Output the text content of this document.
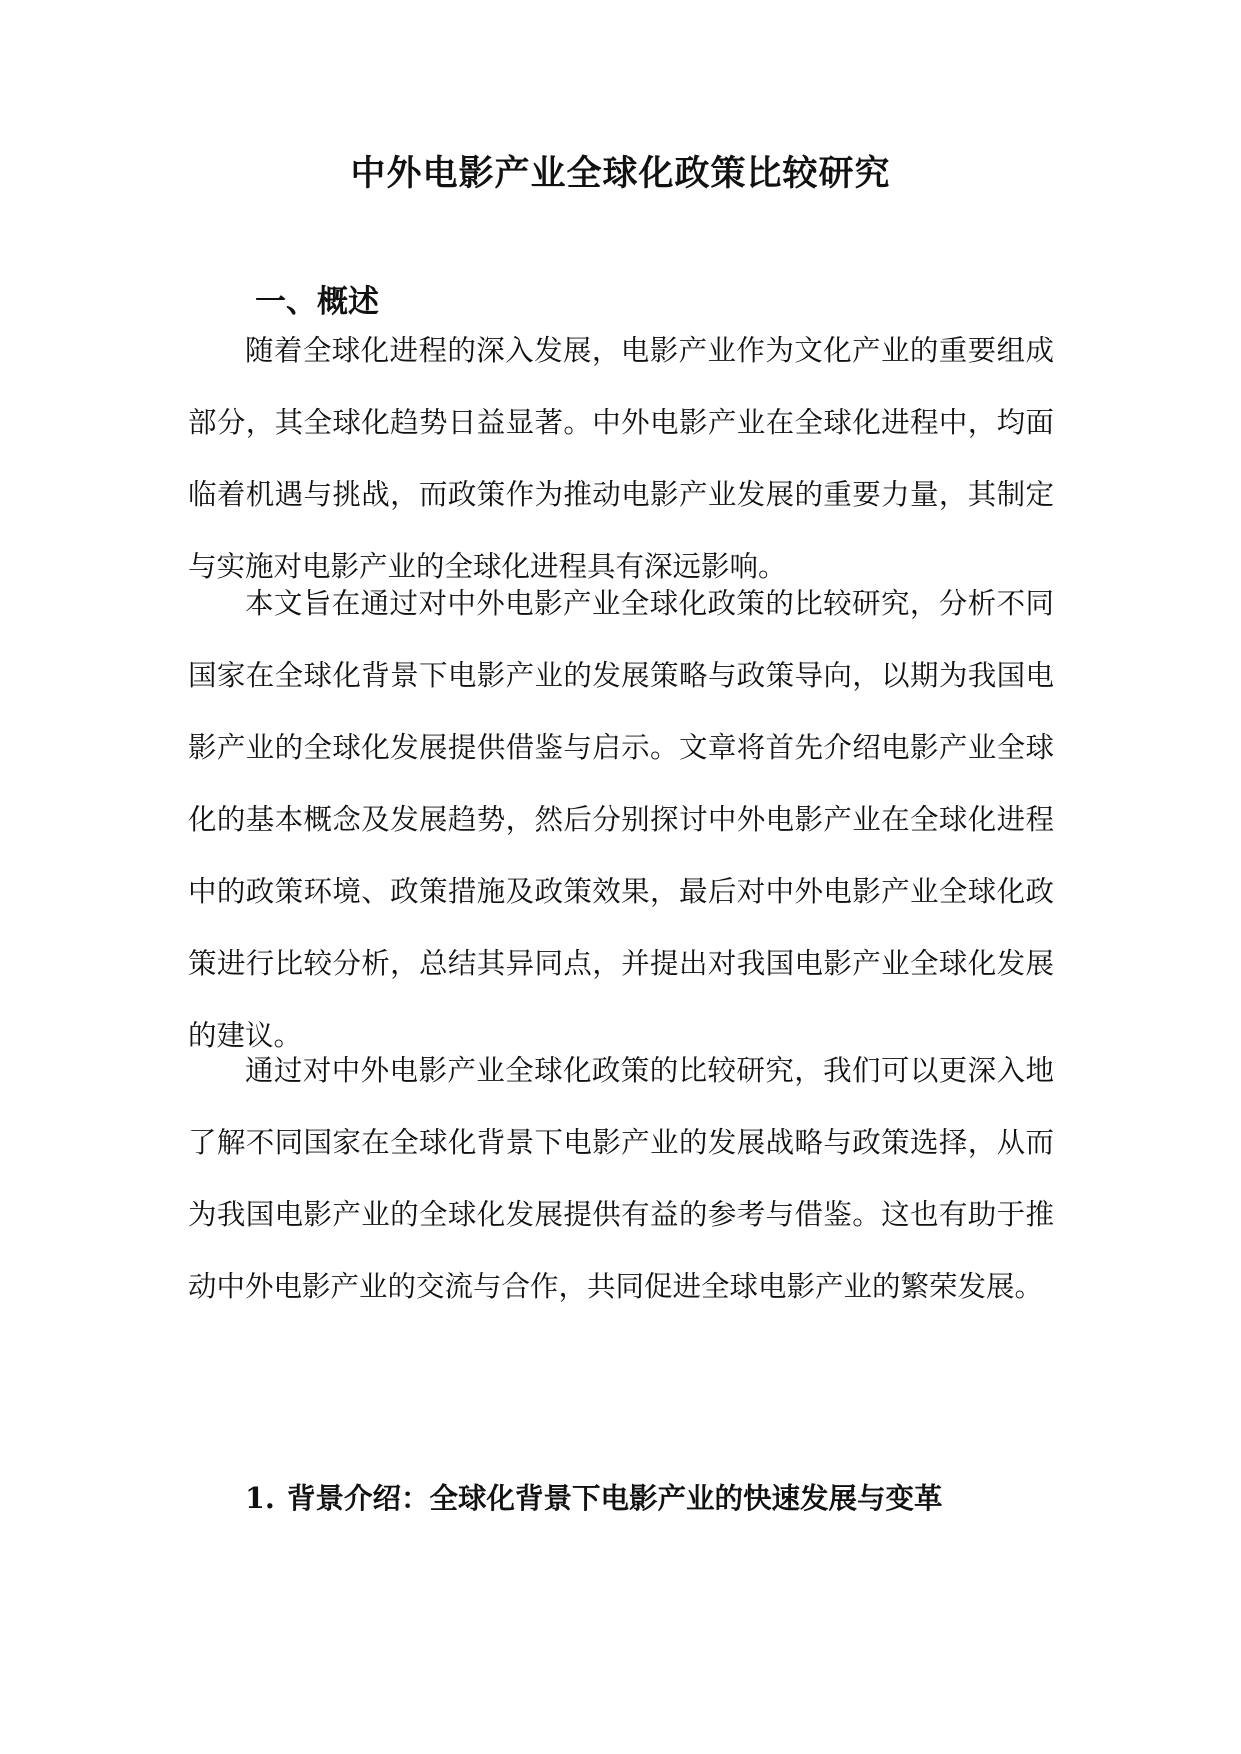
中外电影产业全球化政策比较研究
一、概述

随着全球化进程的深入发展，电影产业作为文化产业的重要组成部分，其全球化趋势日益显著。中外电影产业在全球化进程中，均面临着机遇与挑战，而政策作为推动电影产业发展的重要力量，其制定与实施对电影产业的全球化进程具有深远影响。

本文旨在通过对中外电影产业全球化政策的比较研究，分析不同国家在全球化背景下电影产业的发展策略与政策导向，以期为我国电影产业的全球化发展提供借鉴与启示。文章将首先介绍电影产业全球化的基本概念及发展趋势，然后分别探讨中外电影产业在全球化进程中的政策环境、政策措施及政策效果，最后对中外电影产业全球化政策进行比较分析，总结其异同点，并提出对我国电影产业全球化发展的建议。

通过对中外电影产业全球化政策的比较研究，我们可以更深入地了解不同国家在全球化背景下电影产业的发展战略与政策选择，从而为我国电影产业的全球化发展提供有益的参考与借鉴。这也有助于推动中外电影产业的交流与合作，共同促进全球电影产业的繁荣发展。

1. 背景介绍：全球化背景下电影产业的快速发展与变革
